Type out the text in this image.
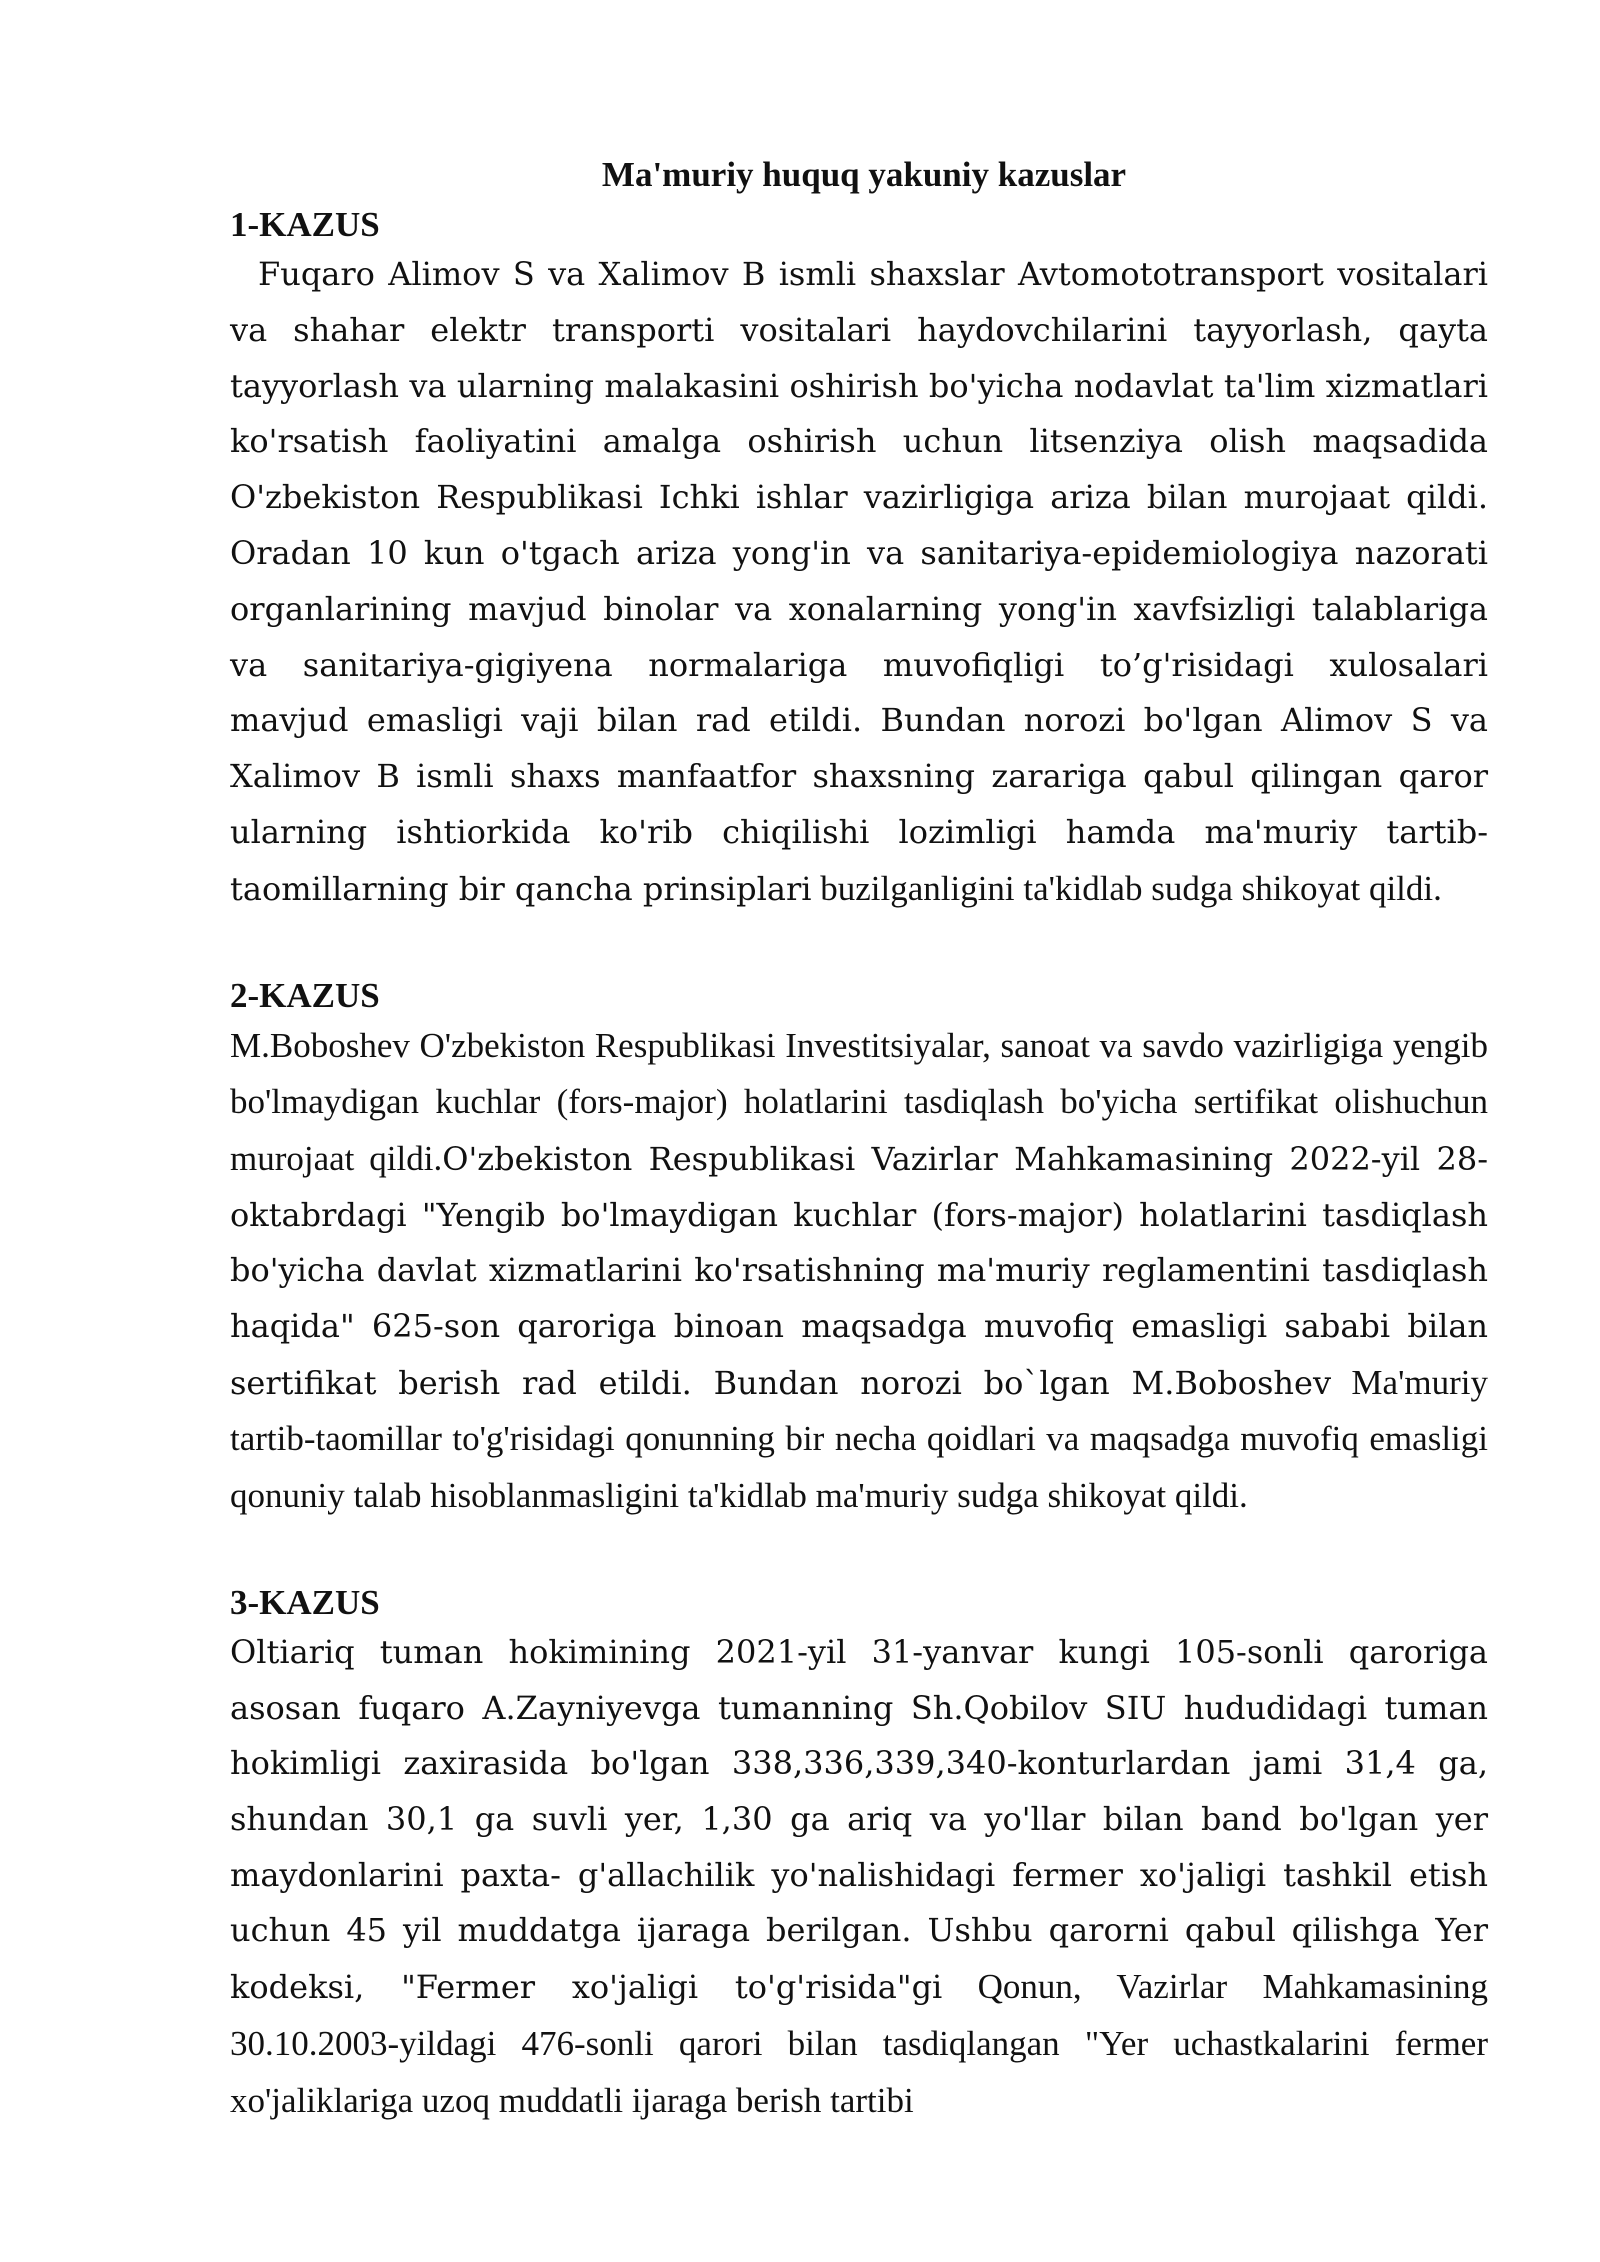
Ma'muriy huquq yakuniy kazuslar
1-KAZUS

Fuqaro Alimov S va Xalimov B ismli shaxslar Avtomototransport vositalari va shahar elektr transporti vositalari haydovchilarini tayyorlash, qayta tayyorlash va ularning malakasini oshirish bo'yicha nodavlat ta'lim xizmatlari ko'rsatish faoliyatini amalga oshirish uchun litsenziya olish maqsadida O'zbekiston Respublikasi Ichki ishlar vazirligiga ariza bilan murojaat qildi. Oradan 10 kun o'tgach ariza yong'in va sanitariya-epidemiologiya nazorati organlarining mavjud binolar va xonalarning yong'in xavfsizligi talablariga va sanitariya-gigiyena normalariga muvofiqligi to’g'risidagi xulosalari mavjud emasligi vaji bilan rad etildi. Bundan norozi bo'lgan Alimov S va Xalimov B ismli shaxs manfaatfor shaxsning zarariga qabul qilingan qaror ularning ishtiorkida ko'rib chiqilishi lozimligi hamda ma'muriy tartib-taomillarning bir qancha prinsiplari buzilganligini ta'kidlab sudga shikoyat qildi.

2-KAZUS

M.Boboshev O'zbekiston Respublikasi Investitsiyalar, sanoat va savdo vazirligiga yengib bo'lmaydigan kuchlar (fors-major) holatlarini tasdiqlash bo'yicha sertifikat olishuchun murojaat qildi.O'zbekiston Respublikasi Vazirlar Mahkamasining 2022-yil 28-oktabrdagi "Yengib bo'lmaydigan kuchlar (fors-major) holatlarini tasdiqlash bo'yicha davlat xizmatlarini ko'rsatishning ma'muriy reglamentini tasdiqlash haqida" 625-son qaroriga binoan maqsadga muvofiq emasligi sababi bilan sertifikat berish rad etildi. Bundan norozi bo`lgan M.Boboshev Ma'muriy tartib-taomillar to'g'risidagi qonunning bir necha qoidlari va maqsadga muvofiq emasligi qonuniy talab hisoblanmasligini ta'kidlab ma'muriy sudga shikoyat qildi.

3-KAZUS

Oltiariq tuman hokimining 2021-yil 31-yanvar kungi 105-sonli qaroriga asosan fuqaro A.Zayniyevga tumanning Sh.Qobilov SIU hududidagi tuman hokimligi zaxirasida bo'lgan 338,336,339,340-konturlardan jami 31,4 ga, shundan 30,1 ga suvli yer, 1,30 ga ariq va yo'llar bilan band bo'lgan yer maydonlarini paxta- g'allachilik yo'nalishidagi fermer xo'jaligi tashkil etish uchun 45 yil muddatga ijaraga berilgan. Ushbu qarorni qabul qilishga Yer kodeksi, "Fermer xo'jaligi to'g'risida"gi Qonun, Vazirlar Mahkamasining 30.10.2003-yildagi 476-sonli qarori bilan tasdiqlangan "Yer uchastkalarini fermer xo'jaliklariga uzoq muddatli ijaraga berish tartibi
